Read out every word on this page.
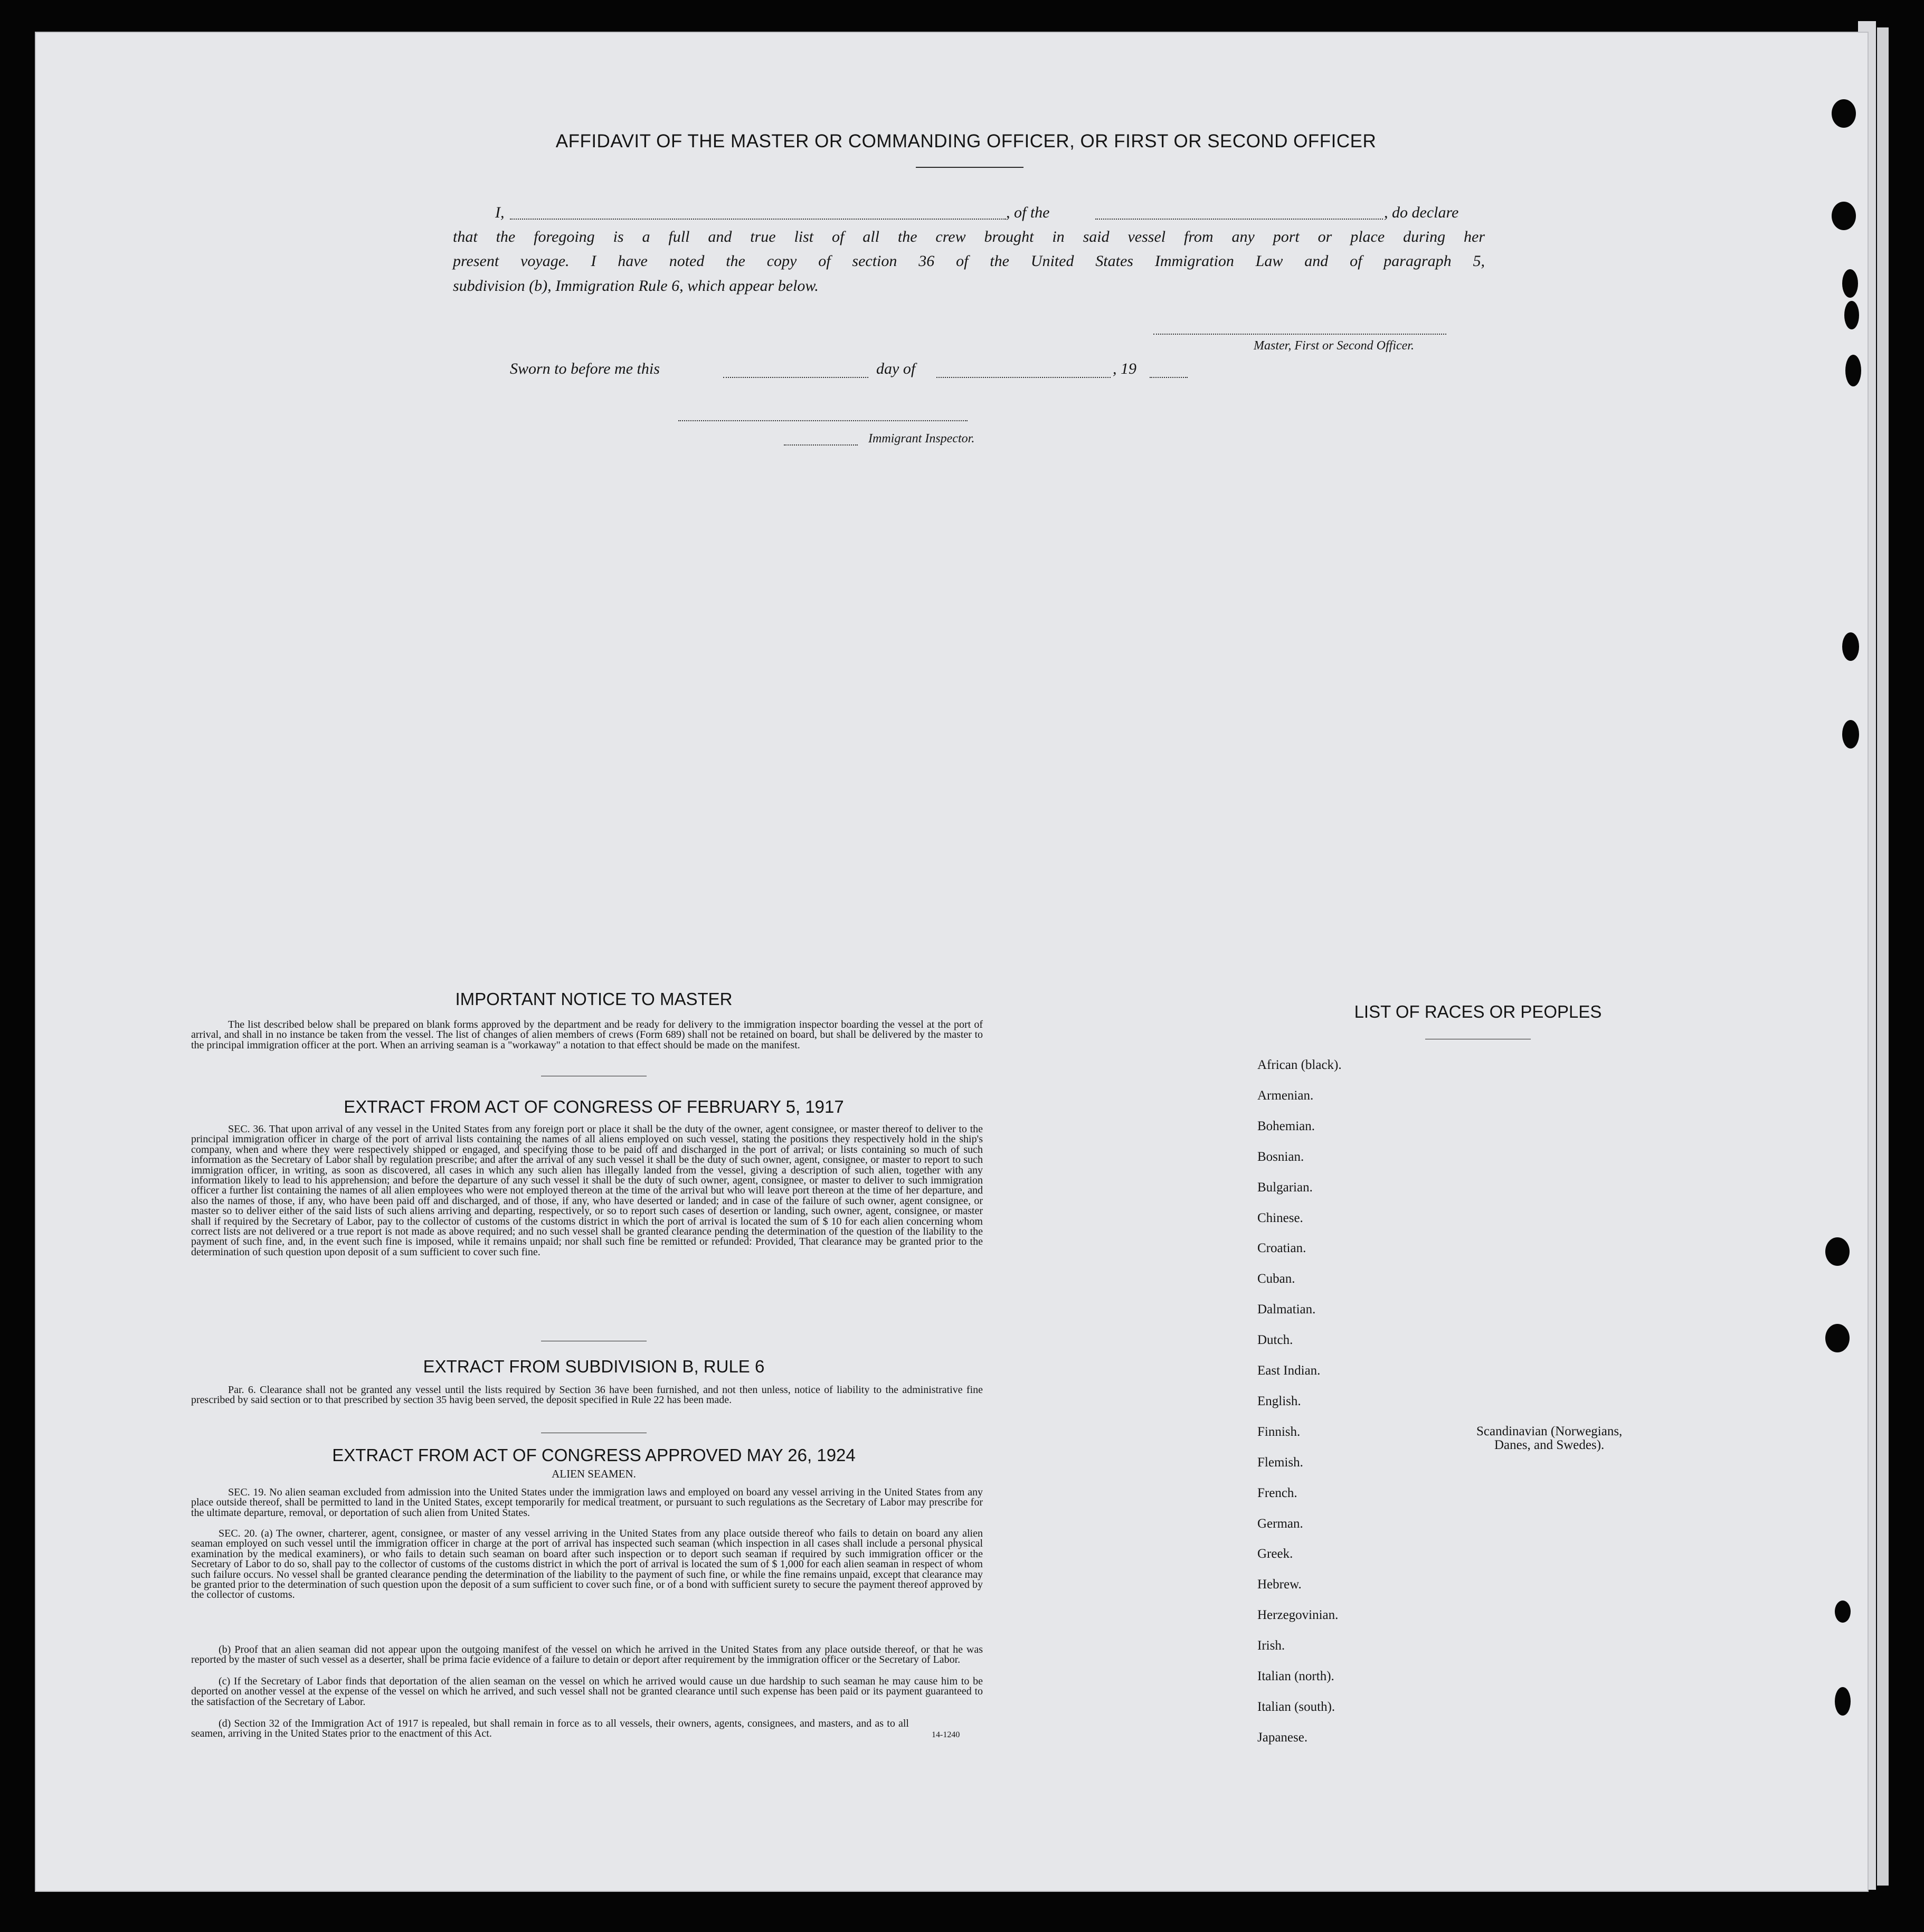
AFFIDAVIT OF THE MASTER OR COMMANDING OFFICER, OR FIRST OR SECOND OFFICER
I,	, of the	, do declare
that the foregoing is a full and true list of all the crew brought in said vessel from any port or place during her
present voyage. I have noted the copy of section 36 of the United States Immigration Law and of paragraph 5,
subdivision (b), Immigration Rule 6, which appear below.
Master, First or Second Officer.
Sworn to before me this	day of	, 19
Immigrant Inspector.
IMPORTANT NOTICE TO MASTER
The list described below shall be prepared on blank forms approved by the department and be ready for delivery to the immigration inspector boarding the vessel at the port of arrival, and shall in no instance be taken from the vessel. The list of changes of alien members of crews (Form 689) shall not be retained on board, but shall be delivered by the master to the principal immigration officer at the port. When an arriving seaman is a "workaway" a notation to that effect should be made on the manifest.
EXTRACT FROM ACT OF CONGRESS OF FEBRUARY 5, 1917
SEC. 36. That upon arrival of any vessel in the United States from any foreign port or place it shall be the duty of the owner, agent consignee, or master thereof to deliver to the principal immigration officer in charge of the port of arrival lists containing the names of all aliens employed on such vessel, stating the positions they respectively hold in the ship's company, when and where they were respectively shipped or engaged, and specifying those to be paid off and discharged in the port of arrival; or lists containing so much of such information as the Secretary of Labor shall by regulation prescribe; and after the arrival of any such vessel it shall be the duty of such owner, agent, consignee, or master to report to such immigration officer, in writing, as soon as discovered, all cases in which any such alien has illegally landed from the vessel, giving a description of such alien, together with any information likely to lead to his apprehension; and before the departure of any such vessel it shall be the duty of such owner, agent, consignee, or master to deliver to such immigration officer a further list containing the names of all alien employees who were not employed thereon at the time of the arrival but who will leave port thereon at the time of her departure, and also the names of those, if any, who have been paid off and discharged, and of those, if any, who have deserted or landed; and in case of the failure of such owner, agent consignee, or master so to deliver either of the said lists of such aliens arriving and departing, respectively, or so to report such cases of desertion or landing, such owner, agent, consignee, or master shall if required by the Secretary of Labor, pay to the collector of customs of the customs district in which the port of arrival is located the sum of $ 10 for each alien concerning whom correct lists are not delivered or a true report is not made as above required; and no such vessel shall be granted clearance pending the determination of the question of the liability to the payment of such fine, and, in the event such fine is imposed, while it remains unpaid; nor shall such fine be remitted or refunded: Provided, That clearance may be granted prior to the determination of such question upon deposit of a sum sufficient to cover such fine.
EXTRACT FROM SUBDIVISION B, RULE 6
Par. 6. Clearance shall not be granted any vessel until the lists required by Section 36 have been furnished, and not then unless, notice of liability to the administrative fine prescribed by said section or to that prescribed by section 35 havig been served, the deposit specified in Rule 22 has been made.
EXTRACT FROM ACT OF CONGRESS APPROVED MAY 26, 1924
ALIEN SEAMEN.
SEC. 19. No alien seaman excluded from admission into the United States under the immigration laws and employed on board any vessel arriving in the United States from any place outside thereof, shall be permitted to land in the United States, except temporarily for medical treatment, or pursuant to such regulations as the Secretary of Labor may prescribe for the ultimate departure, removal, or deportation of such alien from United States.
SEC. 20. (a) The owner, charterer, agent, consignee, or master of any vessel arriving in the United States from any place outside thereof who fails to detain on board any alien seaman employed on such vessel until the immigration officer in charge at the port of arrival has inspected such seaman (which inspection in all cases shall include a personal physical examination by the medical examiners), or who fails to detain such seaman on board after such inspection or to deport such seaman if required by such immigration officer or the Secretary of Labor to do so, shall pay to the collector of customs of the customs district in which the port of arrival is located the sum of $ 1,000 for each alien seaman in respect of whom such failure occurs. No vessel shall be granted clearance pending the determination of the liability to the payment of such fine, or while the fine remains unpaid, except that clearance may be granted prior to the determination of such question upon the deposit of a sum sufficient to cover such fine, or of a bond with sufficient surety to secure the payment thereof approved by the collector of customs.
(b) Proof that an alien seaman did not appear upon the outgoing manifest of the vessel on which he arrived in the United States from any place outside thereof, or that he was reported by the master of such vessel as a deserter, shall be prima facie evidence of a failure to detain or deport after requirement by the immigration officer or the Secretary of Labor.
(c) If the Secretary of Labor finds that deportation of the alien seaman on the vessel on which he arrived would cause un due hardship to such seaman he may cause him to be deported on another vessel at the expense of the vessel on which he arrived, and such vessel shall not be granted clearance until such expense has been paid or its payment guaranteed to the satisfaction of the Secretary of Labor.
(d) Section 32 of the Immigration Act of 1917 is repealed, but shall remain in force as to all vessels, their owners, agents, consignees, and masters, and as to all seamen, arriving in the United States prior to the enactment of this Act.	14-1240
LIST OF RACES OR PEOPLES
African (black).
Armenian.
Bohemian.
Bosnian.
Bulgarian.
Chinese.
Croatian.
Cuban.
Dalmatian.
Dutch.
East Indian.
English.
Finnish.
Flemish.
French.
German.
Greek.
Hebrew.
Herzegovinian.
Irish.
Italian (north).
Italian (south).
Japanese.
Scandinavian (Norwegians,
Danes, and Swedes).
